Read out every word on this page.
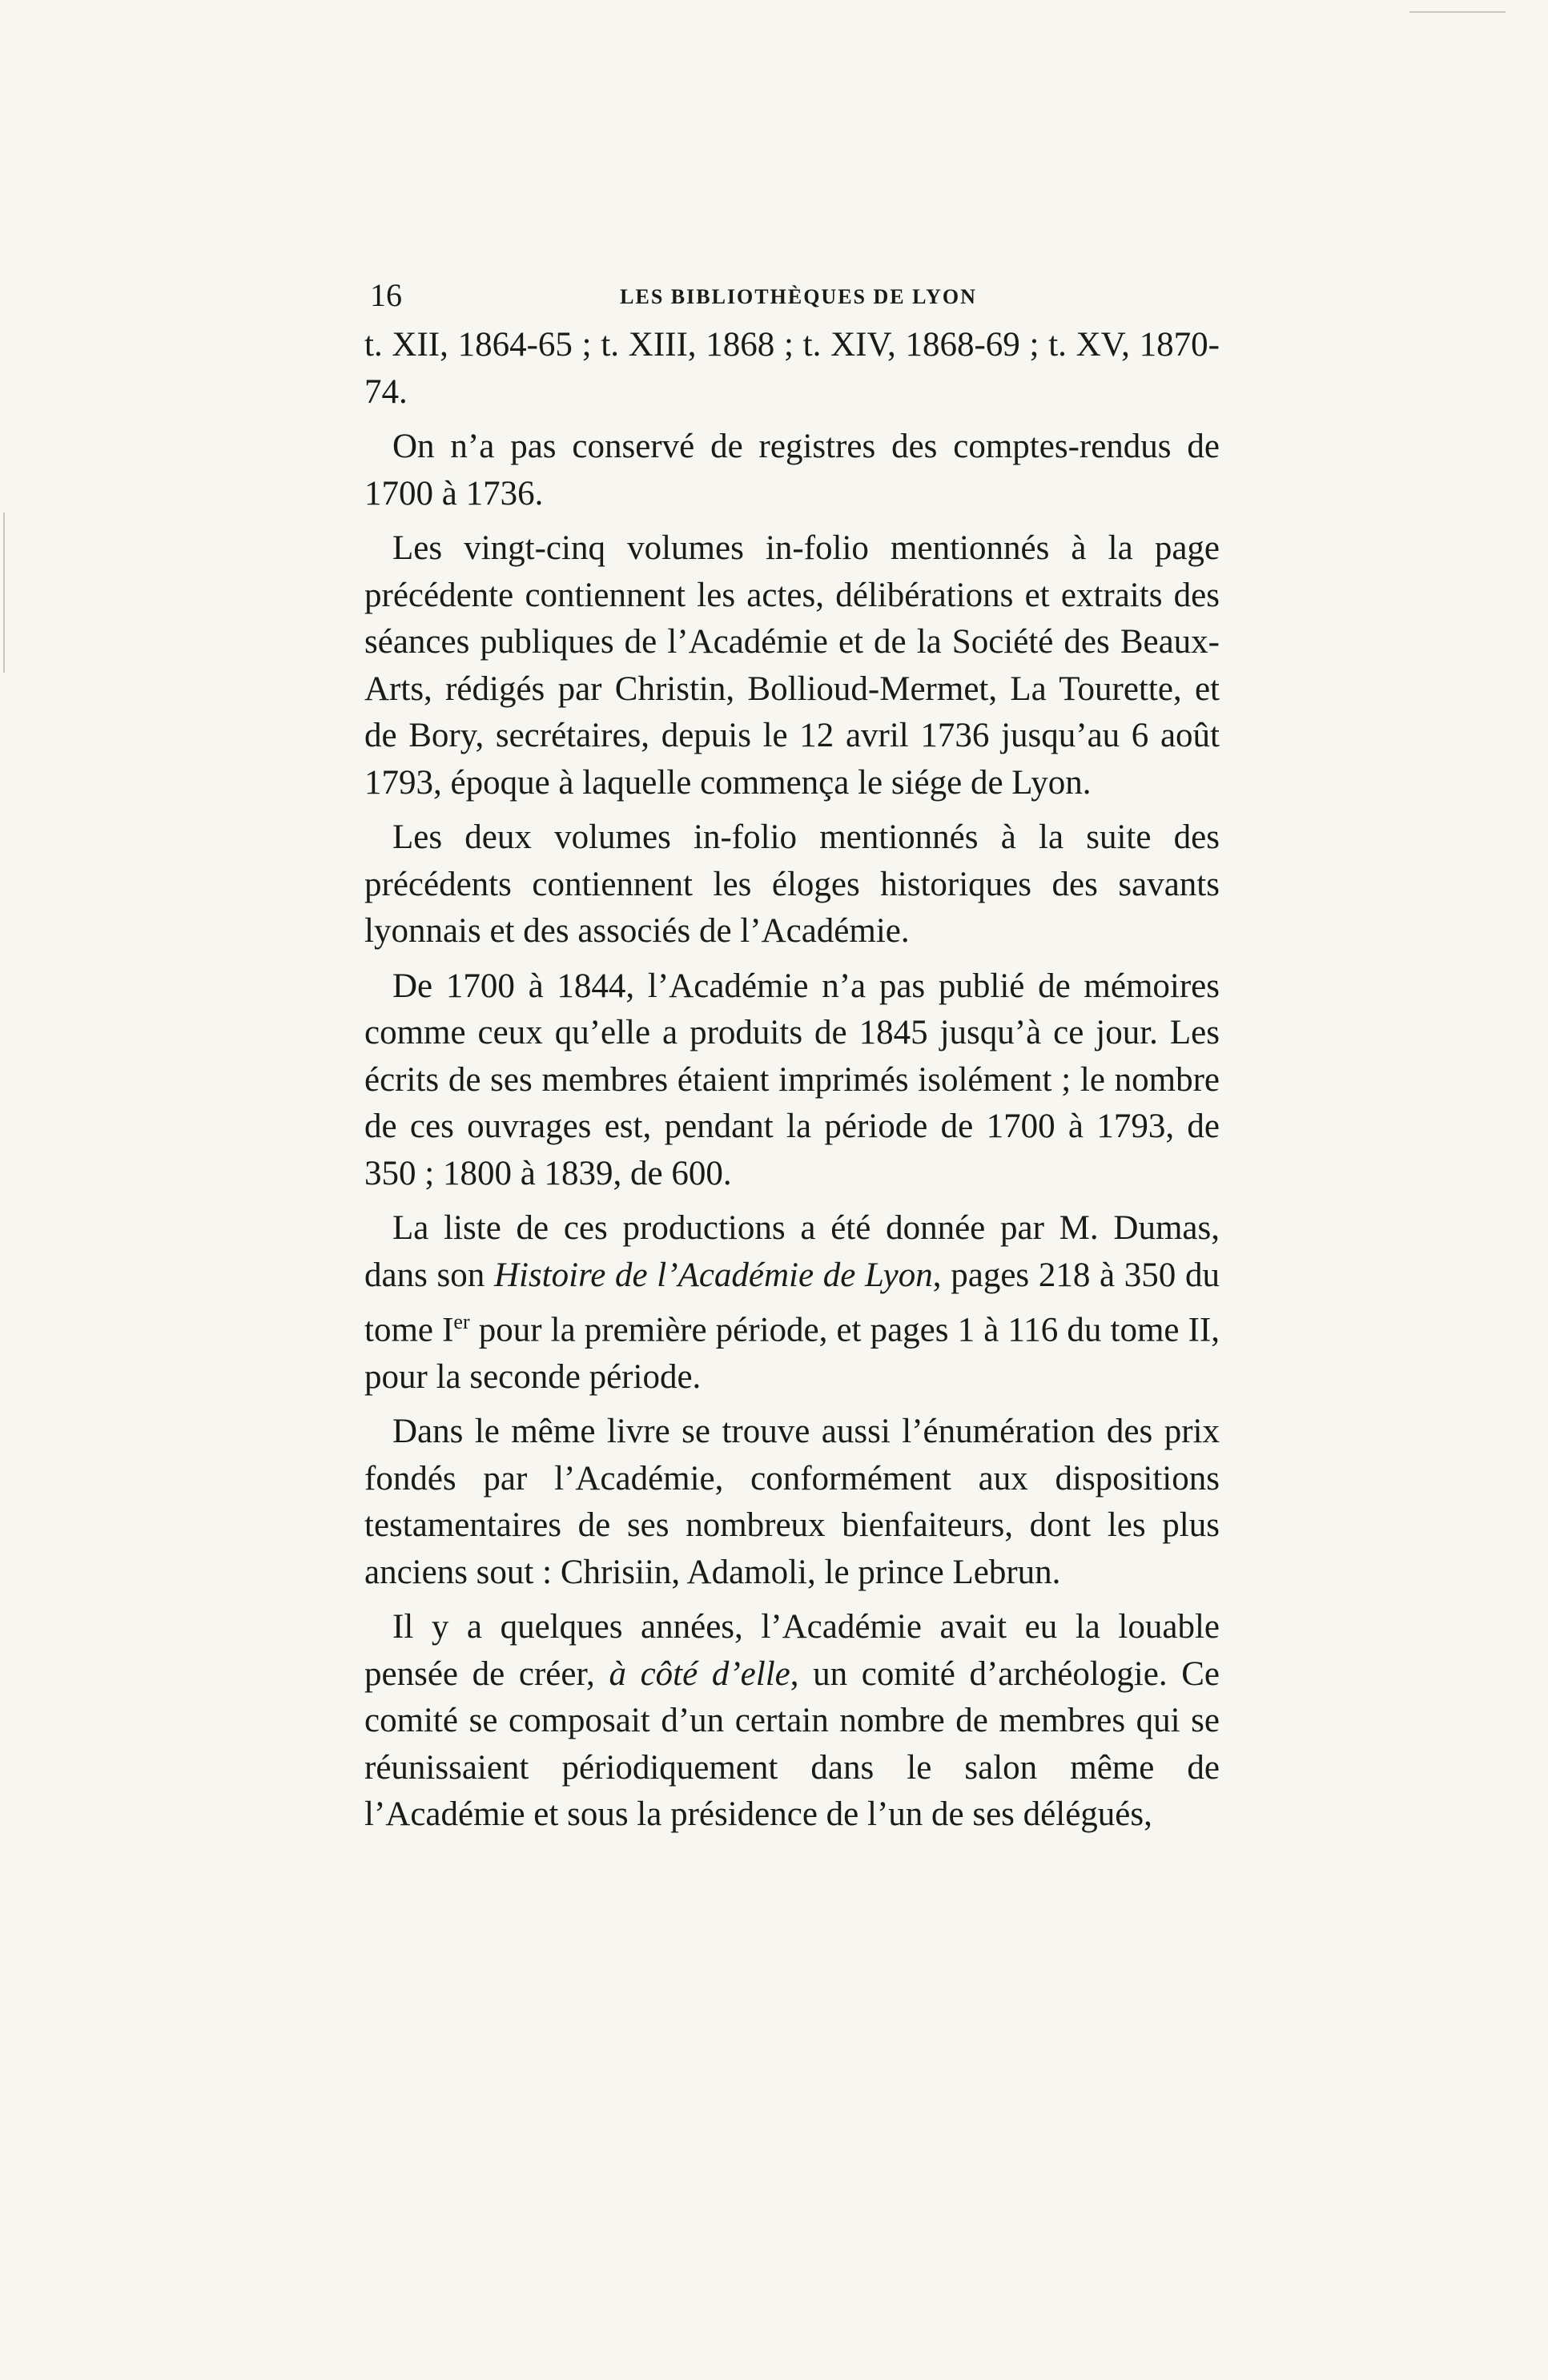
16	LES BIBLIOTHÈQUES DE LYON

t. XII, 1864-65 ; t. XIII, 1868 ; t. XIV, 1868-69 ; t. XV, 1870-74.

On n’a pas conservé de registres des comptes-rendus de 1700 à 1736.

Les vingt-cinq volumes in-folio mentionnés à la page précédente contiennent les actes, délibérations et extraits des séances publiques de l’Académie et de la Société des Beaux-Arts, rédigés par Christin, Bollioud-Mermet, La Tourette, et de Bory, secrétaires, depuis le 12 avril 1736 jusqu’au 6 août 1793, époque à laquelle commença le siége de Lyon.

Les deux volumes in-folio mentionnés à la suite des précédents contiennent les éloges historiques des savants lyonnais et des associés de l’Académie.

De 1700 à 1844, l’Académie n’a pas publié de mémoires comme ceux qu’elle a produits de 1845 jusqu’à ce jour. Les écrits de ses membres étaient imprimés isolément ; le nombre de ces ouvrages est, pendant la période de 1700 à 1793, de 350 ; 1800 à 1839, de 600.

La liste de ces productions a été donnée par M. Dumas, dans son Histoire de l’Académie de Lyon, pages 218 à 350 du tome Ier pour la première période, et pages 1 à 116 du tome II, pour la seconde période.

Dans le même livre se trouve aussi l’énumération des prix fondés par l’Académie, conformément aux dispositions testamentaires de ses nombreux bienfaiteurs, dont les plus anciens sout : Chrisiin, Adamoli, le prince Lebrun.

Il y a quelques années, l’Académie avait eu la louable pensée de créer, à côté d’elle, un comité d’archéologie. Ce comité se composait d’un certain nombre de membres qui se réunissaient périodiquement dans le salon même de l’Académie et sous la présidence de l’un de ses délégués,
